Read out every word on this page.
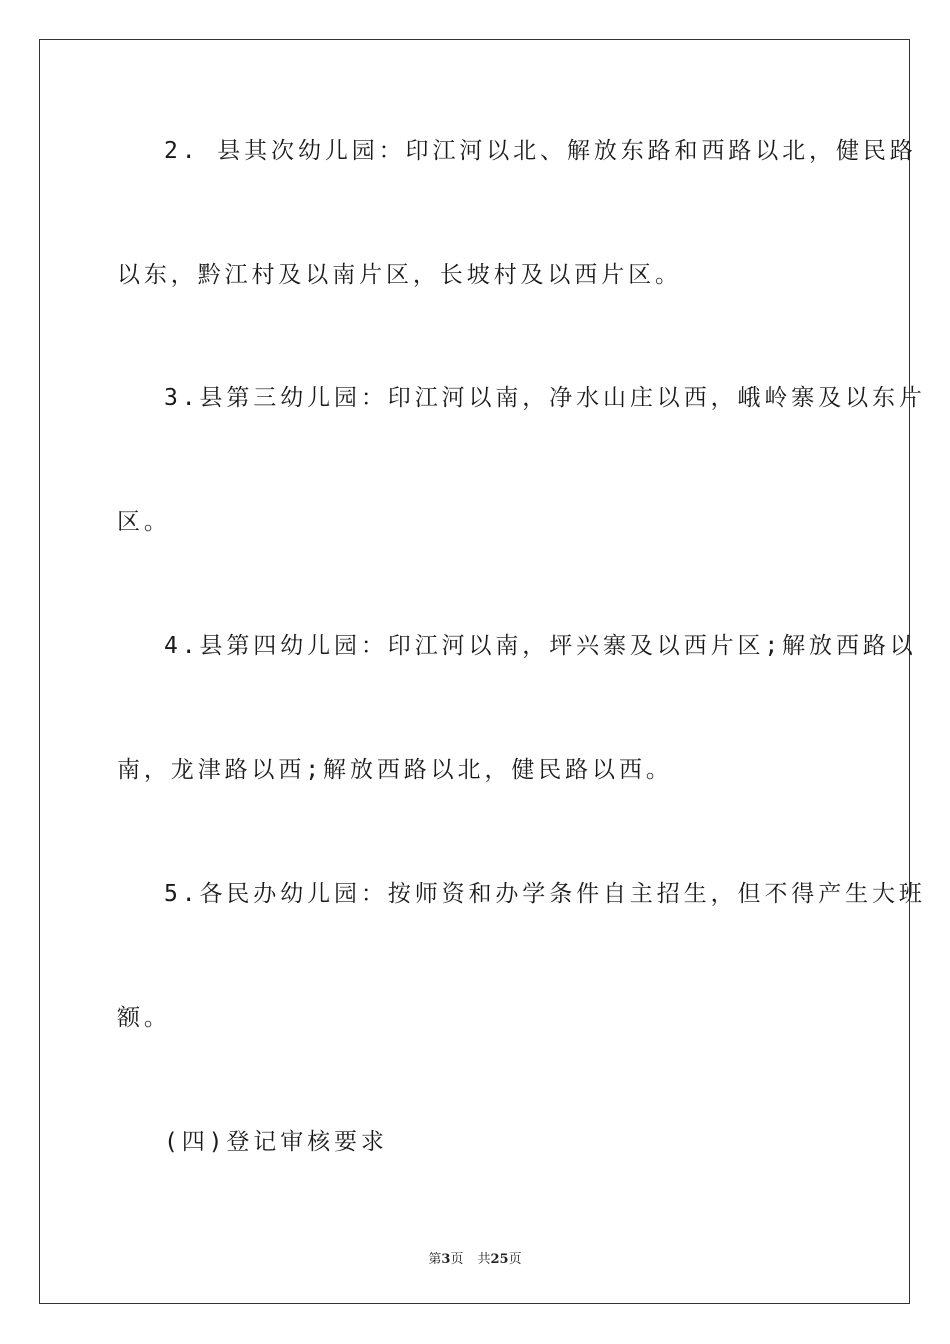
2. 县其次幼儿园：印江河以北、解放东路和西路以北，健民路
以东，黔江村及以南片区，长坡村及以西片区。
3.县第三幼儿园：印江河以南，净水山庄以西，峨岭寨及以东片
区。
4.县第四幼儿园：印江河以南，坪兴寨及以西片区;解放西路以
南，龙津路以西;解放西路以北，健民路以西。
5.各民办幼儿园：按师资和办学条件自主招生，但不得产生大班
额。
(四)登记审核要求
第3页 共25页
